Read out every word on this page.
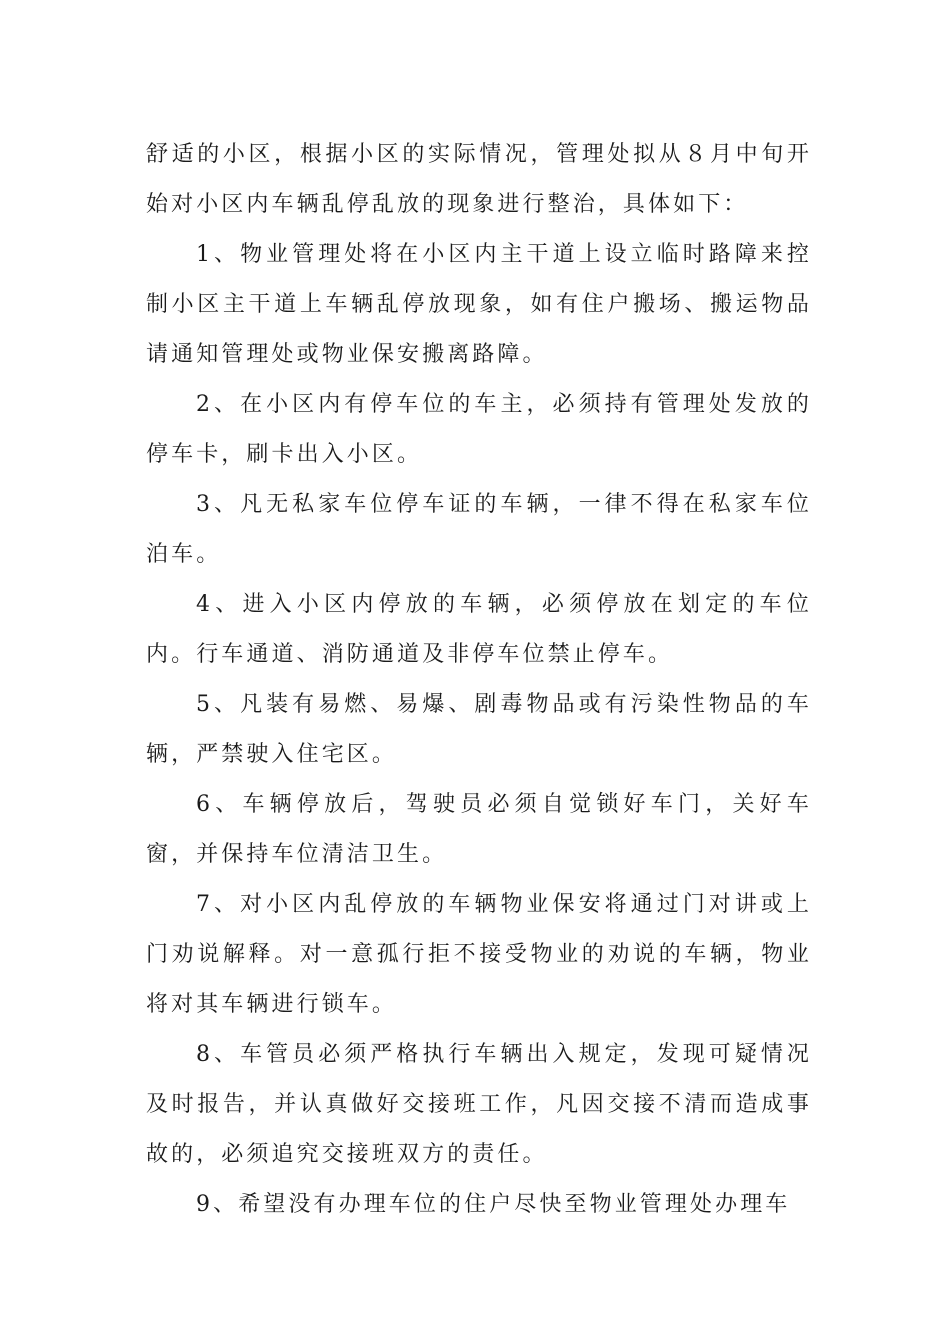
舒适的小区，根据小区的实际情况，管理处拟从８月中旬开始对小区内车辆乱停乱放的现象进行整治，具体如下：

1、物业管理处将在小区内主干道上设立临时路障来控制小区主干道上车辆乱停放现象，如有住户搬场、搬运物品请通知管理处或物业保安搬离路障。

2、在小区内有停车位的车主，必须持有管理处发放的停车卡，刷卡出入小区。

3、凡无私家车位停车证的车辆，一律不得在私家车位泊车。

4、进入小区内停放的车辆，必须停放在划定的车位内。行车通道、消防通道及非停车位禁止停车。

5、凡装有易燃、易爆、剧毒物品或有污染性物品的车辆，严禁驶入住宅区。

6、车辆停放后，驾驶员必须自觉锁好车门，关好车窗，并保持车位清洁卫生。

7、对小区内乱停放的车辆物业保安将通过门对讲或上门劝说解释。对一意孤行拒不接受物业的劝说的车辆，物业将对其车辆进行锁车。

8、车管员必须严格执行车辆出入规定，发现可疑情况及时报告，并认真做好交接班工作，凡因交接不清而造成事故的，必须追究交接班双方的责任。

9、希望没有办理车位的住户尽快至物业管理处办理车
